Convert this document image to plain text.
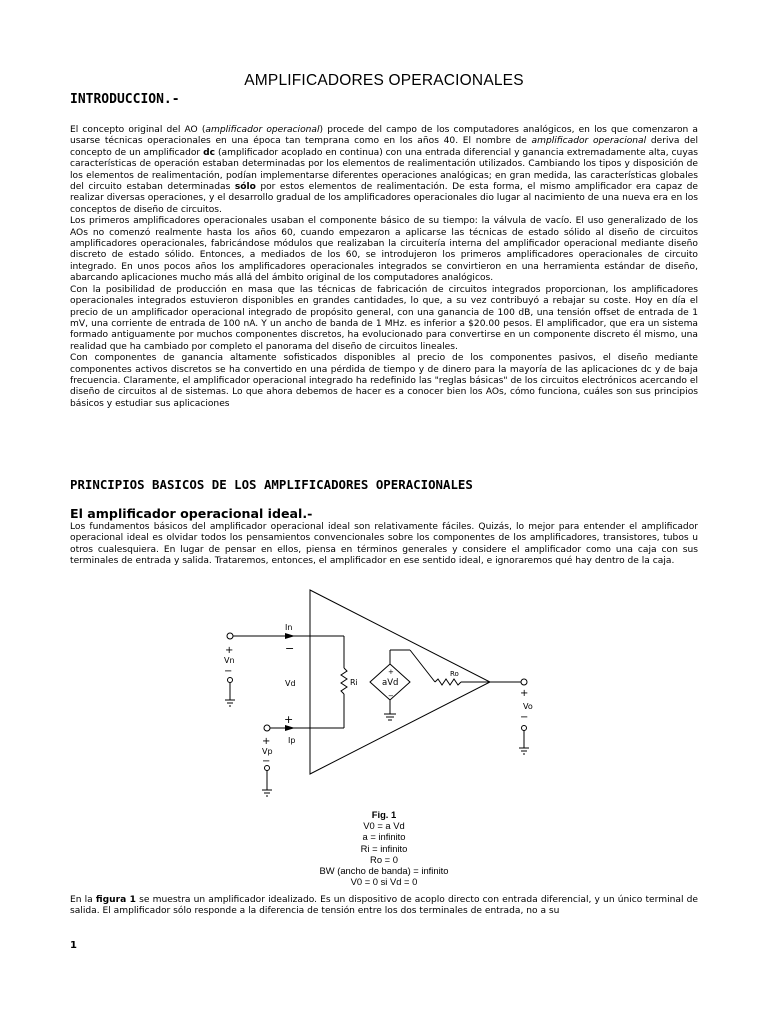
AMPLIFICADORES OPERACIONALES
INTRODUCCION.-

El concepto original del AO (amplificador operacional) procede del campo de los computadores analógicos, en los que comenzaron a usarse técnicas operacionales en una época tan temprana como en los años 40. El nombre de amplificador operacional deriva del concepto de un amplificador dc (amplificador acoplado en continua) con una entrada diferencial y ganancia extremadamente alta, cuyas características de operación estaban determinadas por los elementos de realimentación utilizados. Cambiando los tipos y disposición de los elementos de realimentación, podían implementarse diferentes operaciones analógicas; en gran medida, las características globales del circuito estaban determinadas sólo por estos elementos de realimentación. De esta forma, el mismo amplificador era capaz de realizar diversas operaciones, y el desarrollo gradual de los amplificadores operacionales dio lugar al nacimiento de una nueva era en los conceptos de diseño de circuitos.

Los primeros amplificadores operacionales usaban el componente básico de su tiempo: la válvula de vacío. El uso generalizado de los AOs no comenzó realmente hasta los años 60, cuando empezaron a aplicarse las técnicas de estado sólido al diseño de circuitos amplificadores operacionales, fabricándose módulos que realizaban la circuitería interna del amplificador operacional mediante diseño discreto de estado sólido. Entonces, a mediados de los 60, se introdujeron los primeros amplificadores operacionales de circuito integrado. En unos pocos años los amplificadores operacionales integrados se convirtieron en una herramienta estándar de diseño, abarcando aplicaciones mucho más allá del ámbito original de los computadores analógicos.

Con la posibilidad de producción en masa que las técnicas de fabricación de circuitos integrados proporcionan, los amplificadores operacionales integrados estuvieron disponibles en grandes cantidades, lo que, a su vez contribuyó a rebajar su coste. Hoy en día el precio de un amplificador operacional integrado de propósito general, con una ganancia de 100 dB, una tensión offset de entrada de 1 mV, una corriente de entrada de 100 nA. Y un ancho de banda de 1 MHz. es inferior a $20.00 pesos. El amplificador, que era un sistema formado antiguamente por muchos componentes discretos, ha evolucionado para convertirse en un componente discreto él mismo, una realidad que ha cambiado por completo el panorama del diseño de circuitos lineales.

Con componentes de ganancia altamente sofisticados disponibles al precio de los componentes pasivos, el diseño mediante componentes activos discretos se ha convertido en una pérdida de tiempo y de dinero para la mayoría de las aplicaciones dc y de baja frecuencia. Claramente, el amplificador operacional integrado ha redefinido las "reglas básicas" de los circuitos electrónicos acercando el diseño de circuitos al de sistemas. Lo que ahora debemos de hacer es a conocer bien los AOs, cómo funciona, cuáles son sus principios básicos y estudiar sus aplicaciones

PRINCIPIOS BASICOS DE LOS AMPLIFICADORES OPERACIONALES
El amplificador operacional ideal.-

Los fundamentos básicos del amplificador operacional ideal son relativamente fáciles. Quizás, lo mejor para entender el amplificador operacional ideal es olvidar todos los pensamientos convencionales sobre los componentes de los amplificadores, transistores, tubos u otros cualesquiera. En lugar de pensar en ellos, piensa en términos generales y considere el amplificador como una caja con sus terminales de entrada y salida. Trataremos, entonces, el amplificador en ese sentido ideal, e ignoraremos qué hay dentro de la caja.

In
−
+
+
−
Vn
Vd	Ri	aVd
+
−
Ro
+
Vo
−
Ip
+
Vp
−
Fig. 1
V0 = a Vd
a = infinito
Ri = infinito
Ro = 0
BW (ancho de banda) = infinito
V0 = 0 si Vd = 0

En la figura 1 se muestra un amplificador idealizado. Es un dispositivo de acoplo directo con entrada diferencial, y un único terminal de salida. El amplificador sólo responde a la diferencia de tensión entre los dos terminales de entrada, no a su

1
